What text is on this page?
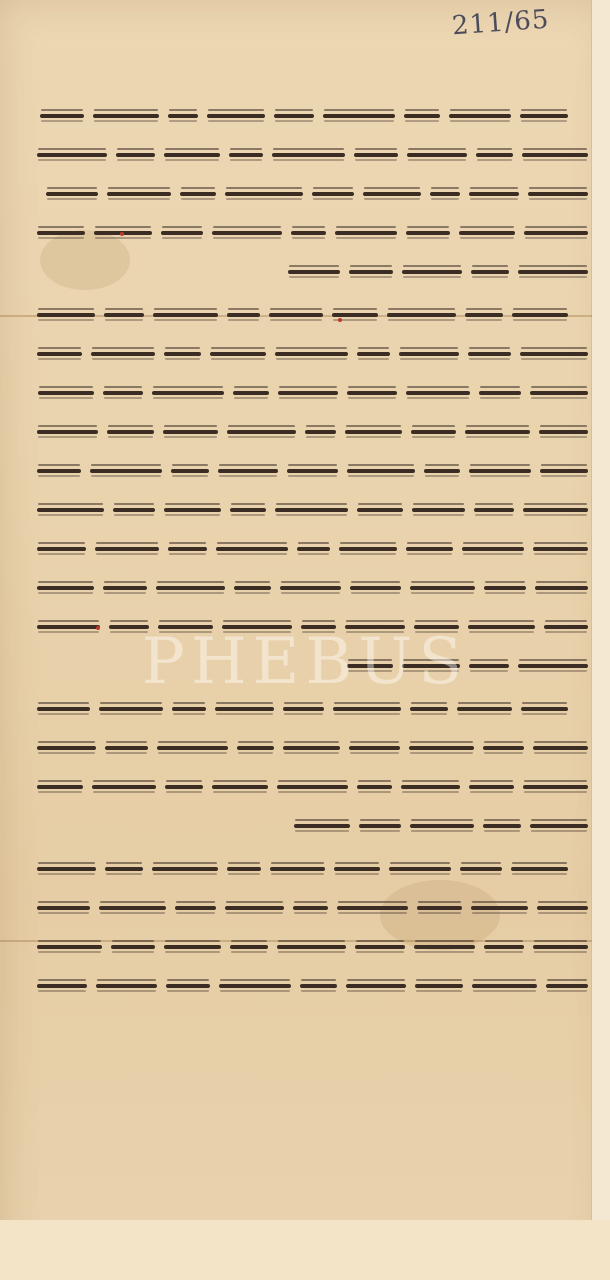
211/65
PHEBUS
